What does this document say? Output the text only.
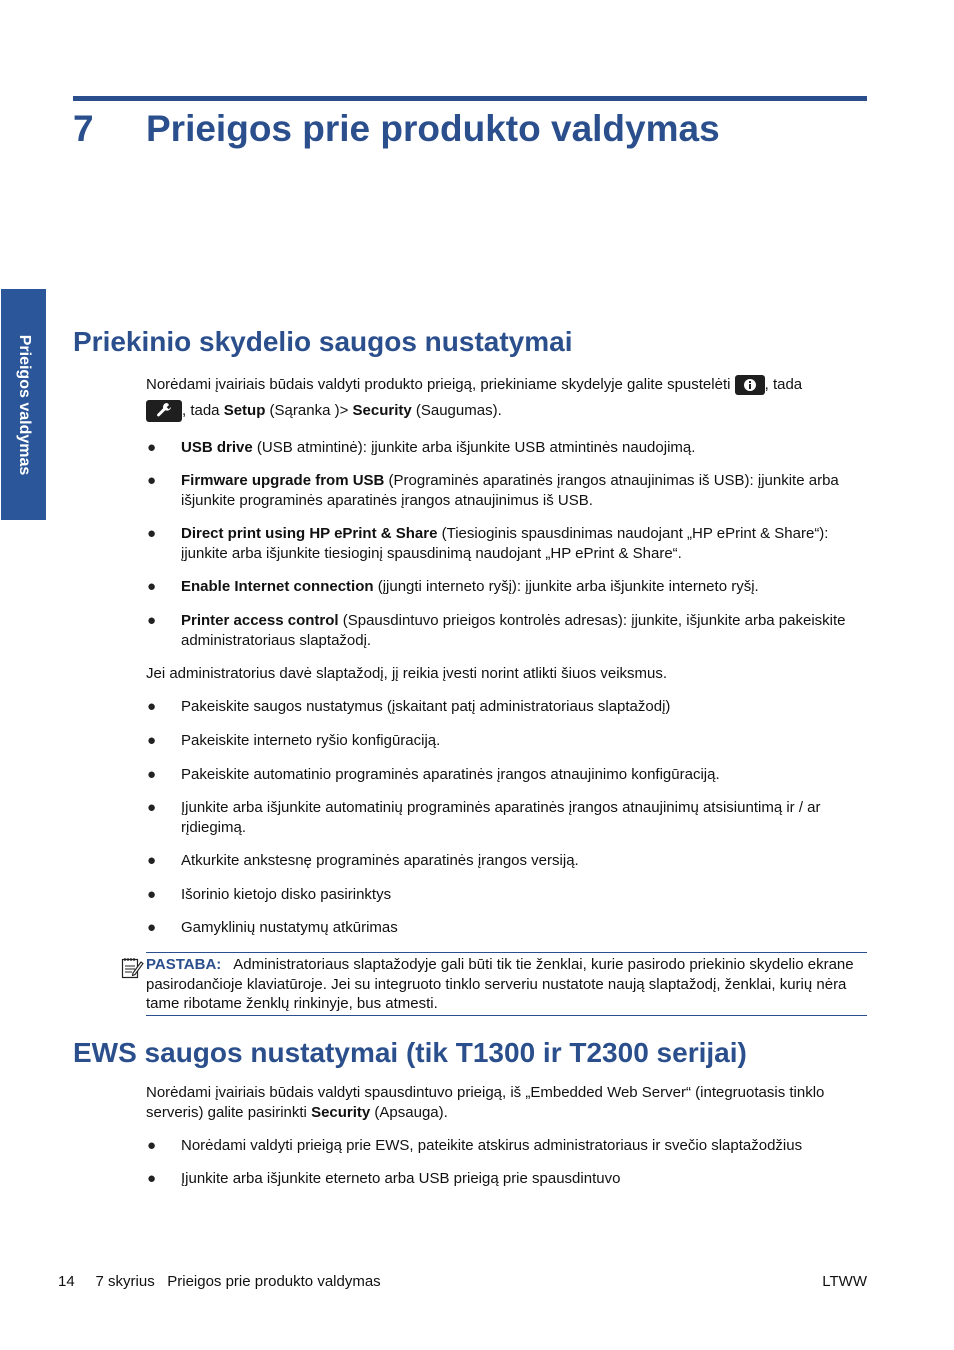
7 Prieigos prie produkto valdymas
Prieigos valdymas Priekinio skydelio saugos nustatymai

Norėdami įvairiais būdais valdyti produkto prieigą, priekiniame skydelyje galite spustelėti , tada
, tada Setup (Sąranka )> Security (Saugumas).

● USB drive (USB atmintinė): įjunkite arba išjunkite USB atmintinės naudojimą.
● Firmware upgrade from USB (Programinės aparatinės įrangos atnaujinimas iš USB): įjunkite arba išjunkite programinės aparatinės įrangos atnaujinimus iš USB.
● Direct print using HP ePrint & Share (Tiesioginis spausdinimas naudojant „HP ePrint & Share“): įjunkite arba išjunkite tiesioginį spausdinimą naudojant „HP ePrint & Share“.
● Enable Internet connection (įjungti interneto ryšį): įjunkite arba išjunkite interneto ryšį.
● Printer access control (Spausdintuvo prieigos kontrolės adresas): įjunkite, išjunkite arba pakeiskite administratoriaus slaptažodį.

Jei administratorius davė slaptažodį, jį reikia įvesti norint atlikti šiuos veiksmus.

● Pakeiskite saugos nustatymus (įskaitant patį administratoriaus slaptažodį)
● Pakeiskite interneto ryšio konfigūraciją.
● Pakeiskite automatinio programinės aparatinės įrangos atnaujinimo konfigūraciją.
● Įjunkite arba išjunkite automatinių programinės aparatinės įrangos atnaujinimų atsisiuntimą ir / ar rįdiegimą.
● Atkurkite ankstesnę programinės aparatinės įrangos versiją.
● Išorinio kietojo disko pasirinktys
● Gamyklinių nustatymų atkūrimas
PASTABA: Administratoriaus slaptažodyje gali būti tik tie ženklai, kurie pasirodo priekinio skydelio ekrane pasirodančioje klaviatūroje. Jei su integruoto tinklo serveriu nustatote naują slaptažodį, ženklai, kurių nėra tame ribotame ženklų rinkinyje, bus atmesti.
EWS saugos nustatymai (tik T1300 ir T2300 serijai)

Norėdami įvairiais būdais valdyti spausdintuvo prieigą, iš „Embedded Web Server“ (integruotasis tinklo serveris) galite pasirinkti Security (Apsauga).

● Norėdami valdyti prieigą prie EWS, pateikite atskirus administratoriaus ir svečio slaptažodžius
● Įjunkite arba išjunkite eterneto arba USB prieigą prie spausdintuvo
14 7 skyrius Prieigos prie produkto valdymas	LTWW
